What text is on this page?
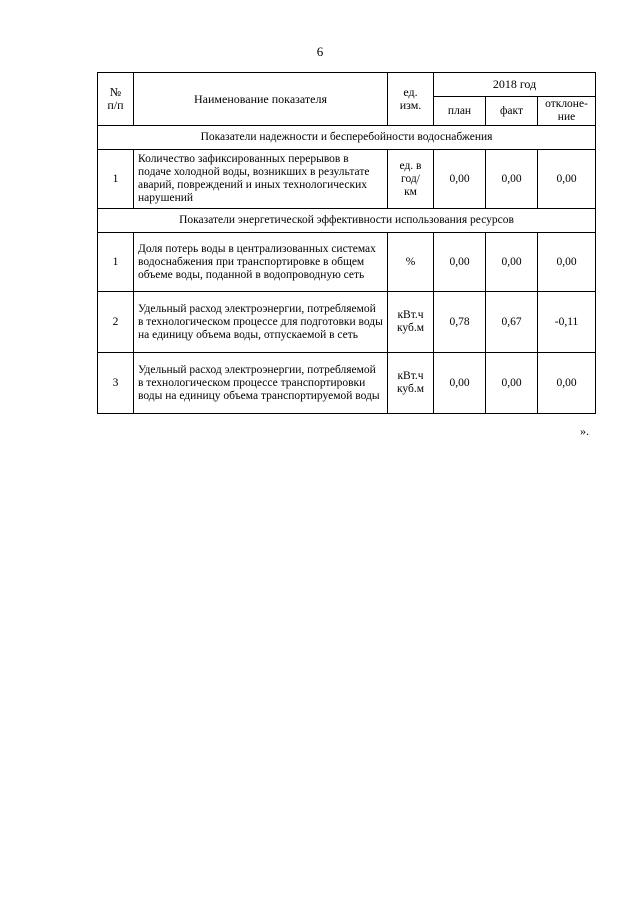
6
№
п/п	Наименование показателя	ед.
изм.	2018 год		
			план	факт	отклоне-
ние
Показатели надежности и бесперебойности водоснабжения					
1	Количество зафиксированных перерывов в подаче холодной воды, возникших в результате аварий, повреждений и иных технологических нарушений	ед. в
год/
км	0,00	0,00	0,00
Показатели энергетической эффективности использования ресурсов					
1	Доля потерь воды в централизованных системах водоснабжения при транспортировке в общем объеме воды, поданной в водопроводную сеть	%	0,00	0,00	0,00
2	Удельный расход электроэнергии, потребляемой в технологическом процессе для подготовки воды на единицу объема воды, отпускаемой в сеть	кВт.ч
куб.м	0,78	0,67	-0,11
3	Удельный расход электроэнергии, потребляемой в технологическом процессе транспортировки воды на единицу объема транспортируемой воды	кВт.ч
куб.м	0,00	0,00	0,00
».
